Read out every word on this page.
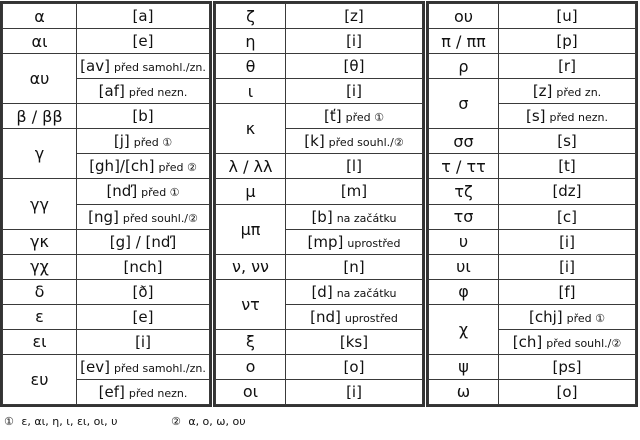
α	[a]
αι	[e]
αυ	[av] před samohl./zn.
	[af] před nezn.
β / ββ	[b]
γ	[j] před ①
	[gh]/[ch] před ②
γγ	[nď] před ①
	[ng] před souhl./②
γκ	[g] / [nď]
γχ	[nch]
δ	[ð]
ε	[e]
ει	[i]
ευ	[ev] před samohl./zn.
	[ef] před nezn.
ζ	[z]
η	[i]
θ	[θ]
ι	[i]
κ	[ť] před ①
	[k] před souhl./②
λ / λλ	[l]
μ	[m]
μπ	[b] na začátku
	[mp] uprostřed
ν, νν	[n]
ντ	[d] na začátku
	[nd] uprostřed
ξ	[ks]
ο	[o]
οι	[i]
ου	[u]
π / ππ	[p]
ρ	[r]
σ	[z] před zn.
	[s] před nezn.
σσ	[s]
τ / ττ	[t]
τζ	[dz]
τσ	[c]
υ	[i]
υι	[i]
φ	[f]
χ	[chj] před ①
	[ch] před souhl./②
ψ	[ps]
ω	[o]
① ε, αι, η, ι, ει, οι, υ	② α, ο, ω, ου
